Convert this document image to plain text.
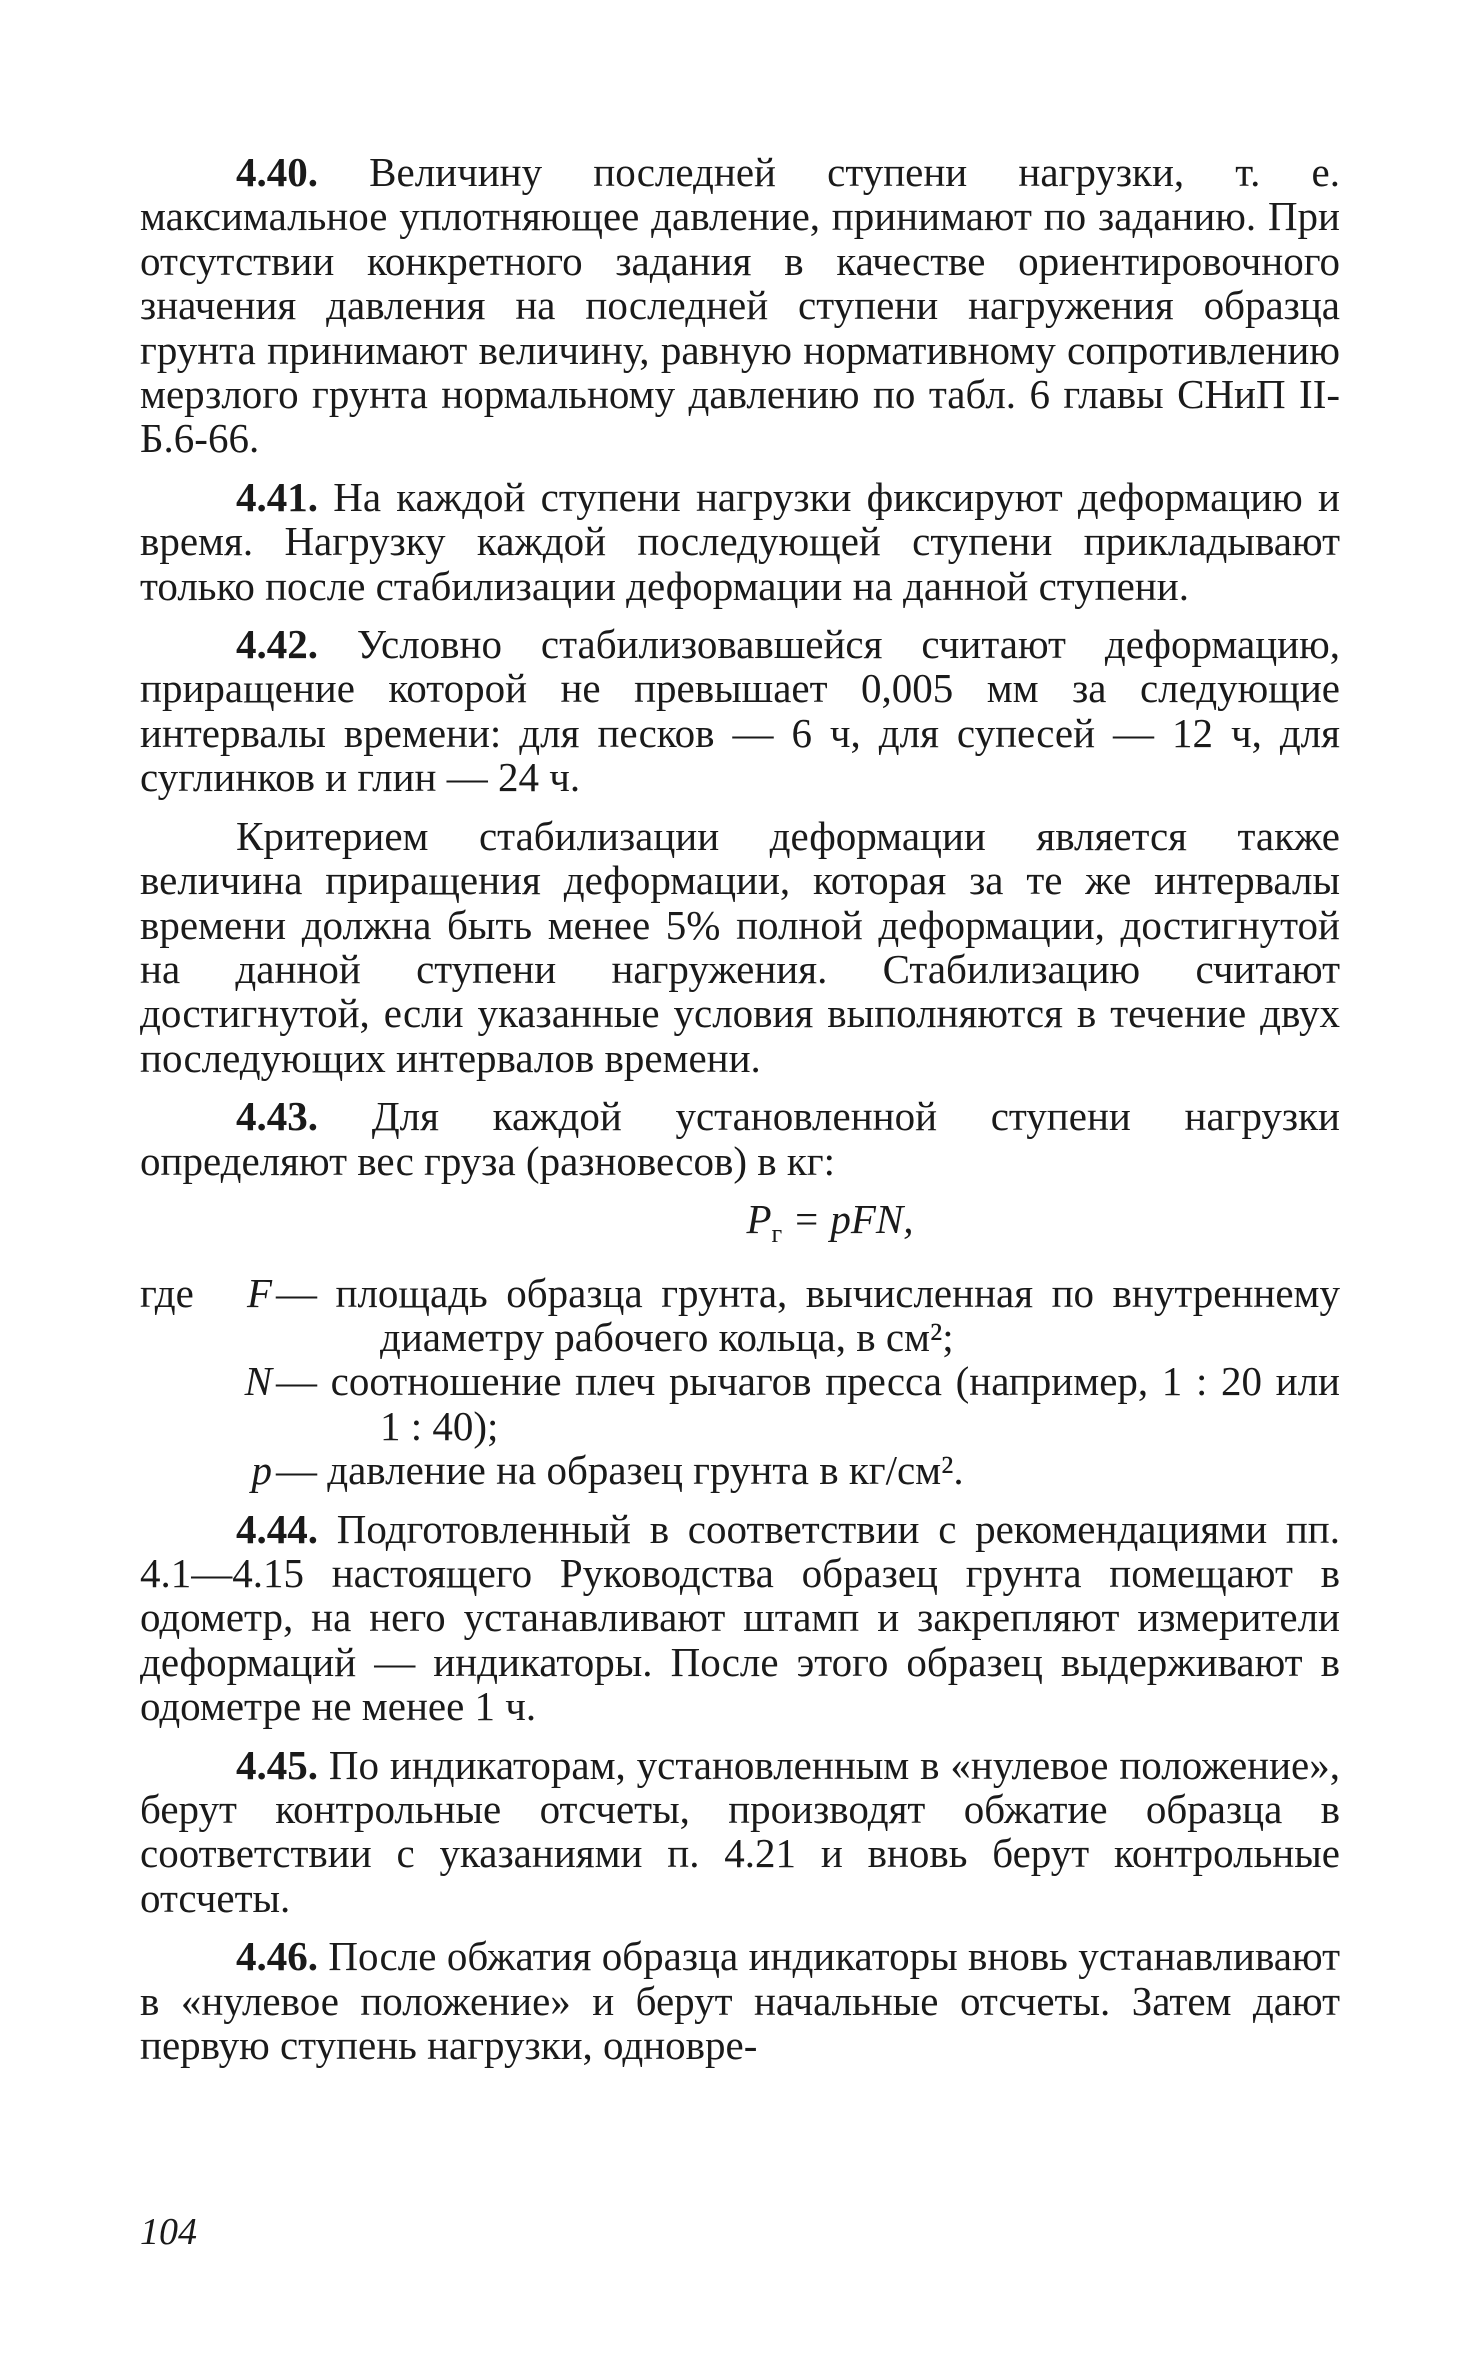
4.40. Величину последней ступени нагрузки, т. е. максимальное уплотняющее давление, принимают по заданию. При отсутствии конкретного задания в качестве ориентировочного значения давления на последней ступени нагружения образца грунта принимают величину, равную нормативному сопротивлению мерзлого грунта нормальному давлению по табл. 6 главы СНиП II-Б.6-66.

4.41. На каждой ступени нагрузки фиксируют деформацию и время. Нагрузку каждой последующей ступени прикладывают только после стабилизации деформации на данной ступени.

4.42. Условно стабилизовавшейся считают деформацию, приращение которой не превышает 0,005 мм за следующие интервалы времени: для песков — 6 ч, для супесей — 12 ч, для суглинков и глин — 24 ч.

Критерием стабилизации деформации является также величина приращения деформации, которая за те же интервалы времени должна быть менее 5% полной деформации, достигнутой на данной ступени нагружения. Стабилизацию считают достигнутой, если указанные условия выполняются в течение двух последующих интервалов времени.

4.43. Для каждой установленной ступени нагрузки определяют вес груза (разновесов) в кг:

$P_г$ = pFN,
где	F — площадь образца грунта, вычисленная по внутреннему диаметру рабочего кольца, в см²;
N — соотношение плеч рычагов пресса (например, 1 : 20 или 1 : 40);
p — давление на образец грунта в кг/см².

4.44. Подготовленный в соответствии с рекомендациями пп. 4.1—4.15 настоящего Руководства образец грунта помещают в одометр, на него устанавливают штамп и закрепляют измерители деформаций — индикаторы. После этого образец выдерживают в одометре не менее 1 ч.

4.45. По индикаторам, установленным в «нулевое положение», берут контрольные отсчеты, производят обжатие образца в соответствии с указаниями п. 4.21 и вновь берут контрольные отсчеты.

4.46. После обжатия образца индикаторы вновь устанавливают в «нулевое положение» и берут начальные отсчеты. Затем дают первую ступень нагрузки, одновре-

104
